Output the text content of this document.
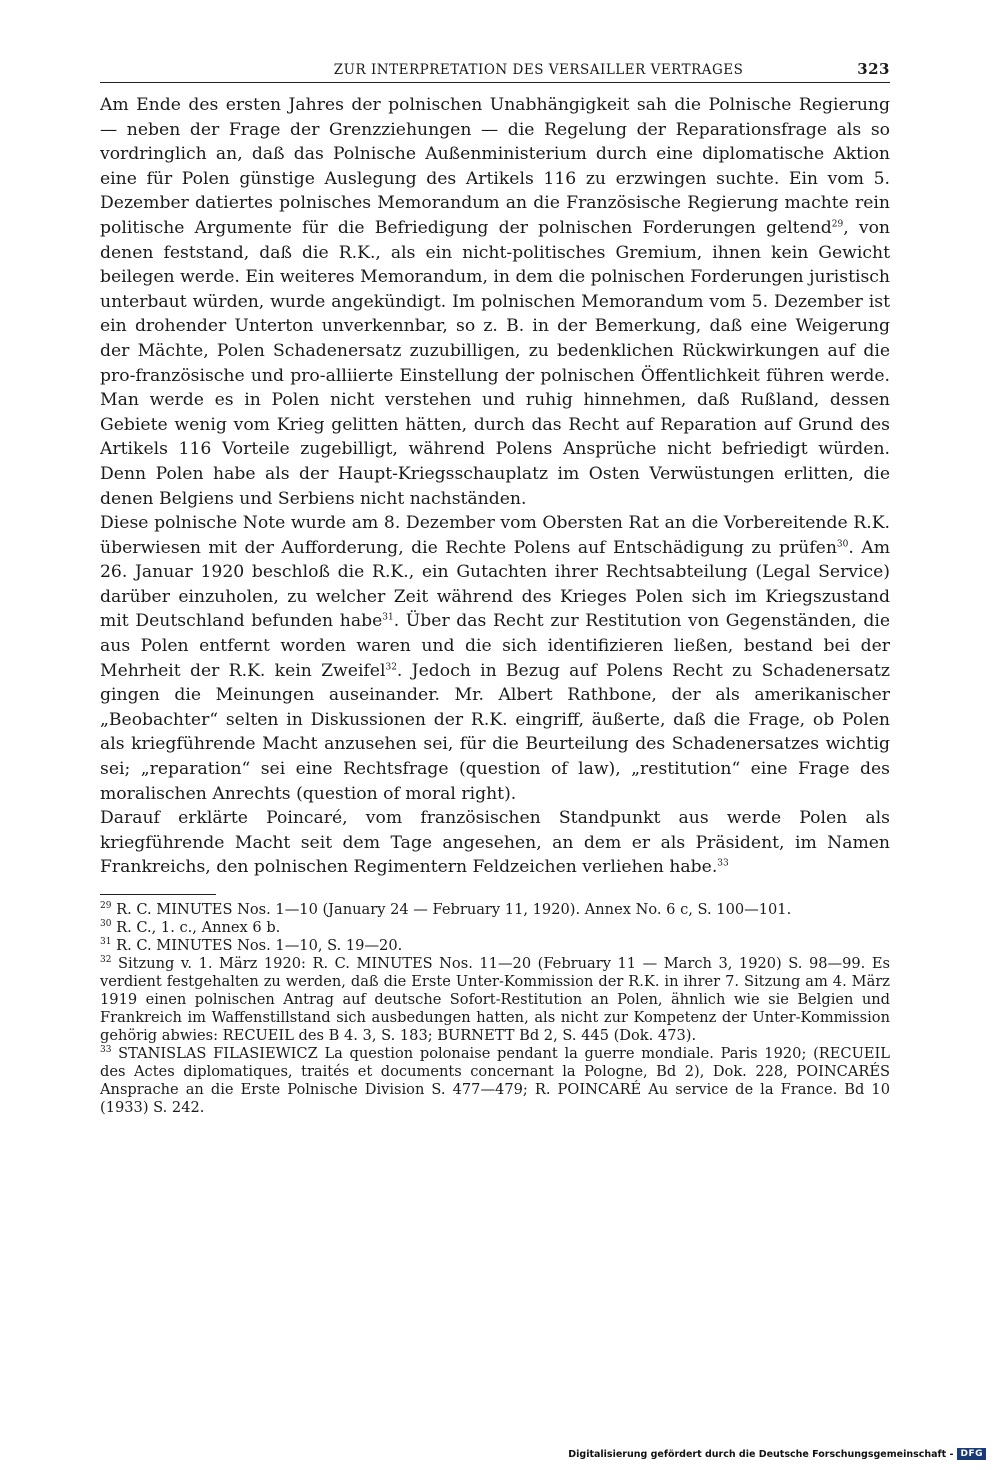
ZUR INTERPRETATION DES VERSAILLER VERTRAGES	323

Am Ende des ersten Jahres der polnischen Unabhängigkeit sah die Polnische Regierung — neben der Frage der Grenzziehungen — die Regelung der Reparationsfrage als so vordringlich an, daß das Polnische Außenministerium durch eine diplomatische Aktion eine für Polen günstige Auslegung des Artikels 116 zu erzwingen suchte. Ein vom 5. Dezember datiertes polnisches Memorandum an die Französische Regierung machte rein politische Argumente für die Befriedigung der polnischen Forderungen geltend$^{29}$, von denen feststand, daß die R.K., als ein nicht-politisches Gremium, ihnen kein Gewicht beilegen werde. Ein weiteres Memorandum, in dem die polnischen Forderungen juristisch unterbaut würden, wurde angekündigt. Im polnischen Memorandum vom 5. Dezember ist ein drohender Unterton unverkennbar, so z. B. in der Bemerkung, daß eine Weigerung der Mächte, Polen Schadenersatz zuzubilligen, zu bedenklichen Rückwirkungen auf die pro-französische und pro-alliierte Einstellung der polnischen Öffentlichkeit führen werde. Man werde es in Polen nicht verstehen und ruhig hinnehmen, daß Rußland, dessen Gebiete wenig vom Krieg gelitten hätten, durch das Recht auf Reparation auf Grund des Artikels 116 Vorteile zugebilligt, während Polens Ansprüche nicht befriedigt würden. Denn Polen habe als der Haupt-Kriegsschauplatz im Osten Verwüstungen erlitten, die denen Belgiens und Serbiens nicht nachständen.

Diese polnische Note wurde am 8. Dezember vom Obersten Rat an die Vorbereitende R.K. überwiesen mit der Aufforderung, die Rechte Polens auf Entschädigung zu prüfen$^{30}$. Am 26. Januar 1920 beschloß die R.K., ein Gutachten ihrer Rechtsabteilung (Legal Service) darüber einzuholen, zu welcher Zeit während des Krieges Polen sich im Kriegszustand mit Deutschland befunden habe$^{31}$. Über das Recht zur Restitution von Gegenständen, die aus Polen entfernt worden waren und die sich identifizieren ließen, bestand bei der Mehrheit der R.K. kein Zweifel$^{32}$. Jedoch in Bezug auf Polens Recht zu Schadenersatz gingen die Meinungen auseinander. Mr. Albert Rathbone, der als amerikanischer „Beobachter“ selten in Diskussionen der R.K. eingriff, äußerte, daß die Frage, ob Polen als kriegführende Macht anzusehen sei, für die Beurteilung des Schadenersatzes wichtig sei; „reparation“ sei eine Rechtsfrage (question of law), „restitution“ eine Frage des moralischen Anrechts (question of moral right).

Darauf erklärte Poincaré, vom französischen Standpunkt aus werde Polen als kriegführende Macht seit dem Tage angesehen, an dem er als Präsident, im Namen Frankreichs, den polnischen Regimentern Feldzeichen verliehen habe.$^{33}$

$^{29}$ R. C. MINUTES Nos. 1—10 (January 24 — February 11, 1920). Annex No. 6 c, S. 100—101.

$^{30}$ R. C., 1. c., Annex 6 b.

$^{31}$ R. C. MINUTES Nos. 1—10, S. 19—20.

$^{32}$ Sitzung v. 1. März 1920: R. C. MINUTES Nos. 11—20 (February 11 — March 3, 1920) S. 98—99. Es verdient festgehalten zu werden, daß die Erste Unter-Kommission der R.K. in ihrer 7. Sitzung am 4. März 1919 einen polnischen Antrag auf deutsche Sofort-Restitution an Polen, ähnlich wie sie Belgien und Frankreich im Waffenstillstand sich ausbedungen hatten, als nicht zur Kompetenz der Unter-Kommission gehörig abwies: RECUEIL des B 4. 3, S. 183; BURNETT Bd 2, S. 445 (Dok. 473).

$^{33}$ STANISLAS FILASIEWICZ La question polonaise pendant la guerre mondiale. Paris 1920; (RECUEIL des Actes diplomatiques, traités et documents concernant la Pologne, Bd 2), Dok. 228, POINCARÉS Ansprache an die Erste Polnische Division S. 477—479; R. POINCARÉ Au service de la France. Bd 10 (1933) S. 242.

Digitalisierung gefördert durch die Deutsche Forschungsgemeinschaft - DFG
